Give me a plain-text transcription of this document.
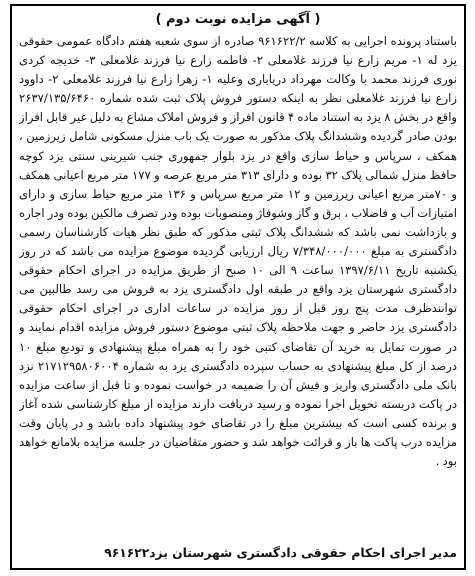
( آگهی مزایده نوبت دوم )

باستناد پرونده اجرایی به کلاسه ۹۶۱۶۲۲/۲ صادره از سوی شعبه هفتم دادگاه عمومی حقوقی یزد له ۱- مریم زارع نیا فرزند غلامعلی ۲- فاطمه زارع نیا فرزند غلامعلی ۳- خدیجه کردی نوری فرزند محمد با وکالت مهرداد دریاباری وعلیه ۱- زهرا زارع نیا فرزند غلامعلی ۲- داوود زارع نیا فرزند غلامعلی نظر به اینکه دستور فروش پلاک ثبت شده شماره ۲۶۳۷/۱۳۵/۶۴۶۰ واقع در بخش ۸ یزد به استناد ماده ۴ قانون افراز و فروش املاک مشاع به دلیل غیر قابل افراز بودن صادر گردیده وششدانگ پلاک مذکور به صورت یک باب منزل مسکونی شامل زیرزمین ، همکف ، سرپاس و حیاط سازی واقع در یزد بلوار جمهوری جنب شیرینی سنتی یزد کوچه حافظ منزل شمالی پلاک ۳۲ بوده و دارای ۳۱۳ متر مربع عرصه و ۱۷۷ متر مربع اعیانی همکف و ۷۰متر مربع اعیانی زیرزمین و ۱۲ متر مربع سرپاس و ۱۳۶ متر مربع حیاط سازی و دارای امتیازات آب و فاضلاب ، برق و گاز وشوفاژ ومنصوبات بوده ودر تصرف مالکین بوده ودر اجاره و بازداشت نمی باشد که ششدانگ پلاک ثبتی مذکور که طبق نظر هیات کارشناسان رسمی دادگستری به مبلغ ۷/۳۴۸/۰۰۰/۰۰۰ ریال ارزیابی گردیده موضوع مزایده می باشد که در روز یکشنبه تاریخ ۱۳۹۷/۶/۱۱ ساعت ۹ الی ۱۰ صبح از طریق مزایده در اجرای احکام حقوقی دادگستری شهرستان یزد واقع در طبقه اول دادگستری یزد به فروش می رسد طالبین می توانندظرف مدت پنج روز قبل از روز مزایده در ساعات اداری در اجرای احکام حقوقی دادگستری یزد حاضر و جهت ملاحظه پلاک ثبتی موضوع دستور فروش مزایده اقدام نمایند و در صورت تمایل به خرید آن تقاضای کتبی خود را به همراه مبلغ پیشنهادی و تودیع مبلغ ۱۰ درصد از کل مبلغ پیشنهادی به حساب سپرده دادگستری یزد به شماره ۲۱۷۱۲۹۵۸۰۶۰۰۴ نزد بانک ملی دادگستری واریز و فیش آن را ضمیمه در خواست نموده و تا قبل از ساعت مزایده در پاکت دربسته تحویل اجرا نموده و رسید دریافت دارند مزایده از مبلغ کارشناسی شده آغاز و برنده کسی است که بیشترین مبلغ را در تقاضای خود پیشنهاد داده باشد و در پایان وقت مزایده درب پاکت ها باز و قرائت خواهد شد و حضور متقاضیان در جلسه مزایده بلامانع خواهد بود .

مدیر اجرای احکام حقوقی دادگستری شهرستان یزد۹۶۱۶۲۲
